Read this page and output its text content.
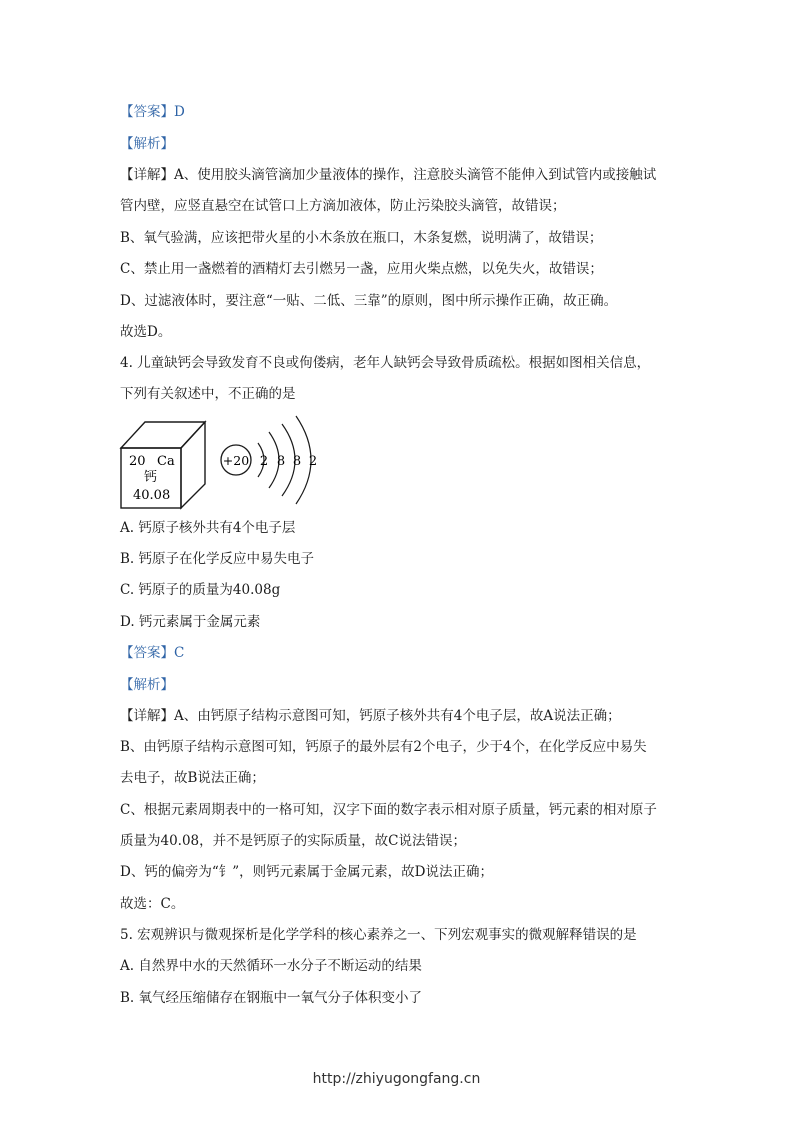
【答案】D
【解析】
【详解】A、使用胶头滴管滴加少量液体的操作，注意胶头滴管不能伸入到试管内或接触试
管内壁，应竖直悬空在试管口上方滴加液体，防止污染胶头滴管，故错误；
B、氧气验满，应该把带火星的小木条放在瓶口，木条复燃，说明满了，故错误；
C、禁止用一盏燃着的酒精灯去引燃另一盏，应用火柴点燃，以免失火，故错误；
D、过滤液体时，要注意“一贴、二低、三靠”的原则，图中所示操作正确，故正确。
故选D。
4. 儿童缺钙会导致发育不良或佝偻病，老年人缺钙会导致骨质疏松。根据如图相关信息，
下列有关叙述中，不正确的是
20 Ca
钙
40.08
+20 2 8 8 2
A. 钙原子核外共有4个电子层
B. 钙原子在化学反应中易失电子
C. 钙原子的质量为40.08g
D. 钙元素属于金属元素
【答案】C
【解析】
【详解】A、由钙原子结构示意图可知，钙原子核外共有4个电子层，故A说法正确；
B、由钙原子结构示意图可知，钙原子的最外层有2个电子，少于4个，在化学反应中易失
去电子，故B说法正确；
C、根据元素周期表中的一格可知，汉字下面的数字表示相对原子质量，钙元素的相对原子
质量为40.08，并不是钙原子的实际质量，故C说法错误；
D、钙的偏旁为“钅”，则钙元素属于金属元素，故D说法正确；
故选：C。
5. 宏观辨识与微观探析是化学学科的核心素养之一、下列宏观事实的微观解释错误的是
A. 自然界中水的天然循环一水分子不断运动的结果
B. 氧气经压缩储存在钢瓶中一氧气分子体积变小了
http://zhiyugongfang.cn
